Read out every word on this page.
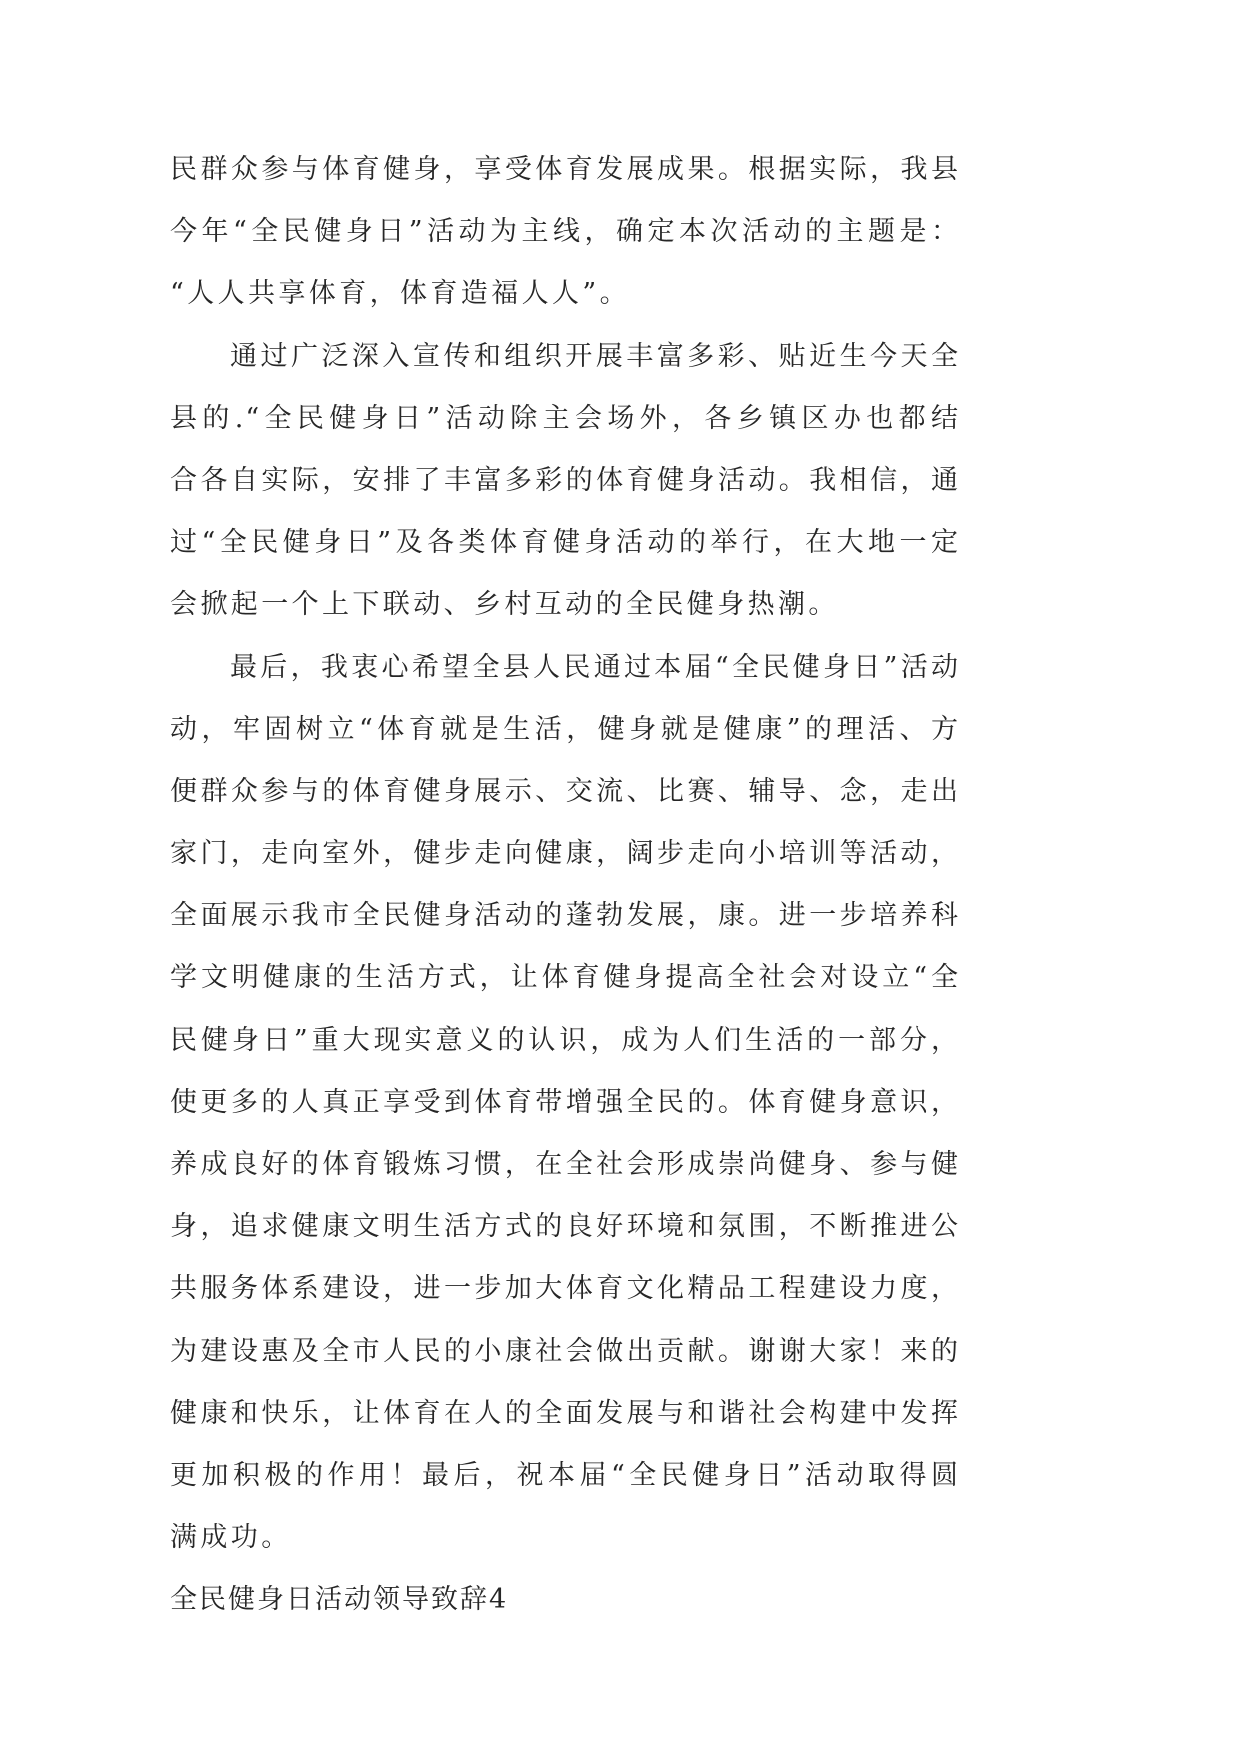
民群众参与体育健身，享受体育发展成果。根据实际，我县
今年“全民健身日”活动为主线，确定本次活动的主题是：
“人人共享体育，体育造福人人”。
通过广泛深入宣传和组织开展丰富多彩、贴近生今天全
县的.“全民健身日”活动除主会场外，各乡镇区办也都结
合各自实际，安排了丰富多彩的体育健身活动。我相信，通
过“全民健身日”及各类体育健身活动的举行，在大地一定
会掀起一个上下联动、乡村互动的全民健身热潮。
最后，我衷心希望全县人民通过本届“全民健身日”活动
动，牢固树立“体育就是生活，健身就是健康”的理活、方
便群众参与的体育健身展示、交流、比赛、辅导、念，走出
家门，走向室外，健步走向健康，阔步走向小培训等活动，
全面展示我市全民健身活动的蓬勃发展，康。进一步培养科
学文明健康的生活方式，让体育健身提高全社会对设立“全
民健身日”重大现实意义的认识，成为人们生活的一部分，
使更多的人真正享受到体育带增强全民的。体育健身意识，
养成良好的体育锻炼习惯，在全社会形成崇尚健身、参与健
身，追求健康文明生活方式的良好环境和氛围，不断推进公
共服务体系建设，进一步加大体育文化精品工程建设力度，
为建设惠及全市人民的小康社会做出贡献。谢谢大家！来的
健康和快乐，让体育在人的全面发展与和谐社会构建中发挥
更加积极的作用！最后，祝本届“全民健身日”活动取得圆
满成功。
全民健身日活动领导致辞4
